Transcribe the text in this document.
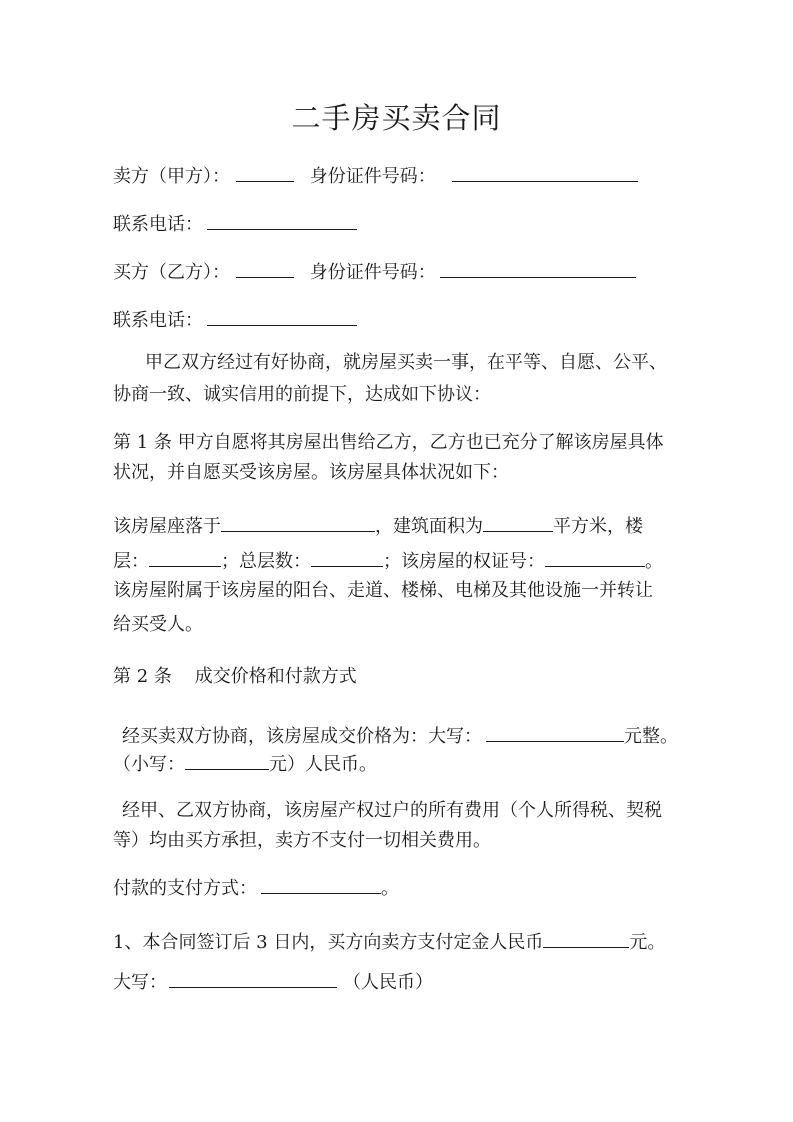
二手房买卖合同

卖方（甲方）：	身份证件号码：

联系电话：

买方（乙方）：	身份证件号码：

联系电话：

甲乙双方经过有好协商，就房屋买卖一事，在平等、自愿、公平、

协商一致、诚实信用的前提下，达成如下协议：

第 1 条 甲方自愿将其房屋出售给乙方，乙方也已充分了解该房屋具体

状况，并自愿买受该房屋。该房屋具体状况如下：

该房屋座落于	，建筑面积为	平方米，楼

层：	；总层数：	；该房屋的权证号：	。

该房屋附属于该房屋的阳台、走道、楼梯、电梯及其他设施一并转让

给买受人。

第 2 条    成交价格和付款方式

经买卖双方协商，该房屋成交价格为：大写：	元整。

（小写：	元）人民币。

经甲、乙双方协商，该房屋产权过户的所有费用（个人所得税、契税

等）均由买方承担，卖方不支付一切相关费用。

付款的支付方式：	。

1、本合同签订后 3 日内，买方向卖方支付定金人民币	元。

大写：	（人民币）
